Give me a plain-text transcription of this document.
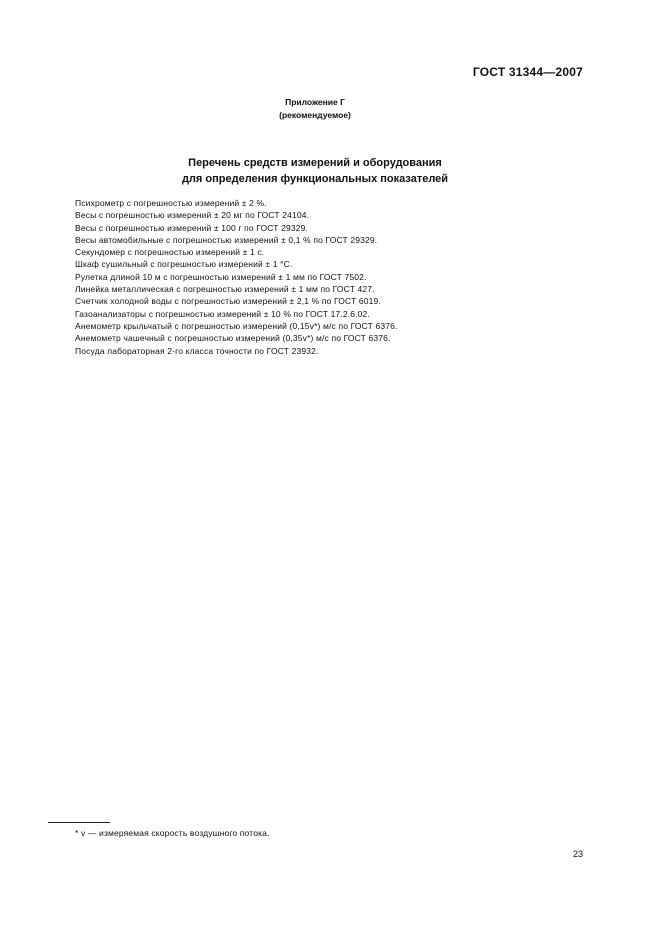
ГОСТ 31344—2007
Приложение Г
(рекомендуемое)
Перечень средств измерений и оборудования
для определения функциональных показателей
Психрометр с погрешностью измерений ± 2 %.
Весы с погрешностью измерений ± 20 мг по ГОСТ 24104.
Весы с погрешностью измерений ± 100 г по ГОСТ 29329.
Весы автомобильные с погрешностью измерений ± 0,1 % по ГОСТ 29329.
Секундомер с погрешностью измерений ± 1 с.
Шкаф сушильный с погрешностью измерений ± 1 °С.
Рулетка длиной 10 м с погрешностью измерений ± 1 мм по ГОСТ 7502.
Линейка металлическая с погрешностью измерений ± 1 мм по ГОСТ 427.
Счетчик холодной воды с погрешностью измерений ± 2,1 % по ГОСТ 6019.
Газоанализаторы с погрешностью измерений ± 10 % по ГОСТ 17.2.6.02.
Анемометр крыльчатый с погрешностью измерений (0,15v*) м/с по ГОСТ 6376.
Анемометр чашечный с погрешностью измерений (0,35v*) м/с по ГОСТ 6376.
Посуда лабораторная 2-го класса точности по ГОСТ 23932.
* v — измеряемая скорость воздушного потока.
23
